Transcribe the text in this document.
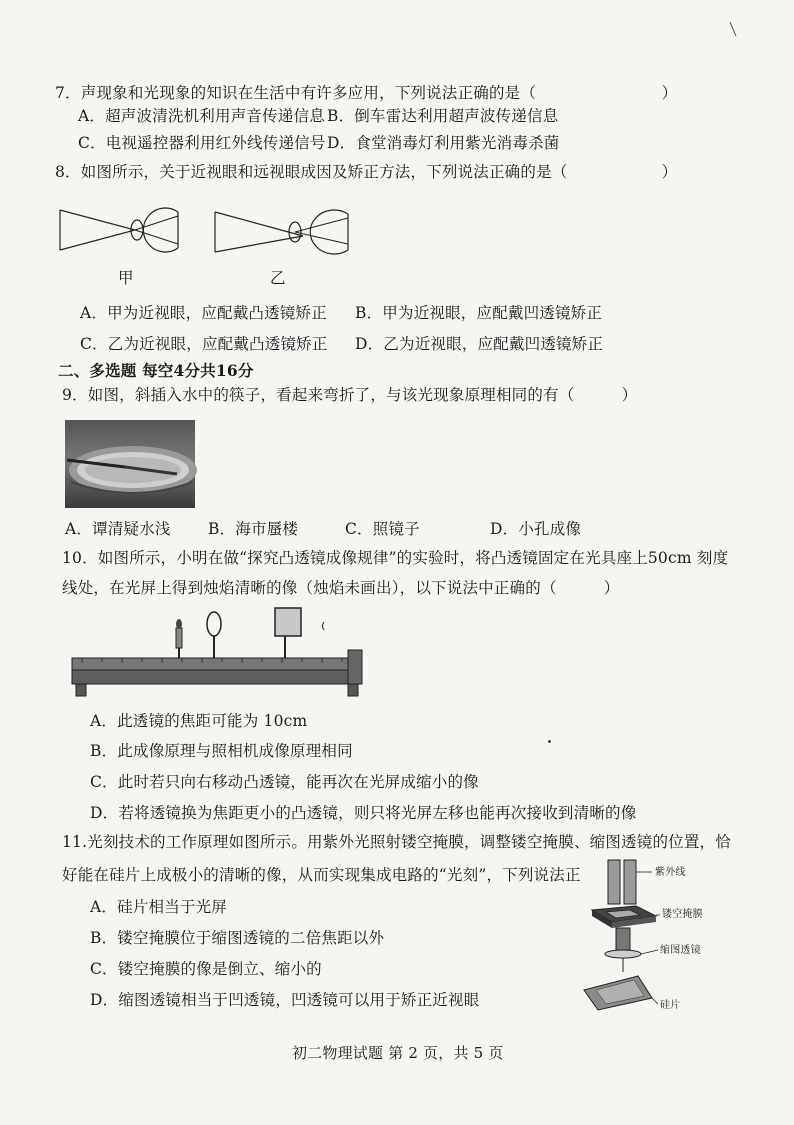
7．声现象和光现象的知识在生活中有许多应用，下列说法正确的是（　　　　　　　　）
A．超声波清洗机利用声音传递信息 B．倒车雷达利用超声波传递信息
C．电视遥控器利用红外线传递信号 D．食堂消毒灯利用紫光消毒杀菌
8．如图所示，关于近视眼和远视眼成因及矫正方法，下列说法正确的是（　　　　　　）
甲	乙
A．甲为近视眼，应配戴凸透镜矫正 B．甲为近视眼，应配戴凹透镜矫正
C．乙为近视眼，应配戴凸透镜矫正 D．乙为近视眼，应配戴凹透镜矫正
二、多选题 每空4分共16分
9．如图，斜插入水中的筷子，看起来弯折了，与该光现象原理相同的有（　　　）
A．谭清疑水浅 B．海市蜃楼	C．照镜子	D．小孔成像
10．如图所示，小明在做“探究凸透镜成像规律”的实验时，将凸透镜固定在光具座上50cm 刻度
线处，在光屏上得到烛焰清晰的像（烛焰未画出），以下说法中正确的（　　　）
A．此透镜的焦距可能为 10cm
B．此成像原理与照相机成像原理相同
C．此时若只向右移动凸透镜，能再次在光屏成缩小的像
D．若将透镜换为焦距更小的凸透镜，则只将光屏左移也能再次接收到清晰的像
11.光刻技术的工作原理如图所示。用紫外光照射镂空掩膜，调整镂空掩膜、缩图透镜的位置，恰
好能在硅片上成极小的清晰的像，从而实现集成电路的“光刻”，下列说法正
A．硅片相当于光屏
B．镂空掩膜位于缩图透镜的二倍焦距以外
C．镂空掩膜的像是倒立、缩小的
D．缩图透镜相当于凹透镜，凹透镜可以用于矫正近视眼
紫外线
镂空掩膜
缩图透镜
硅片
初二物理试题 第 2 页，共 5 页
